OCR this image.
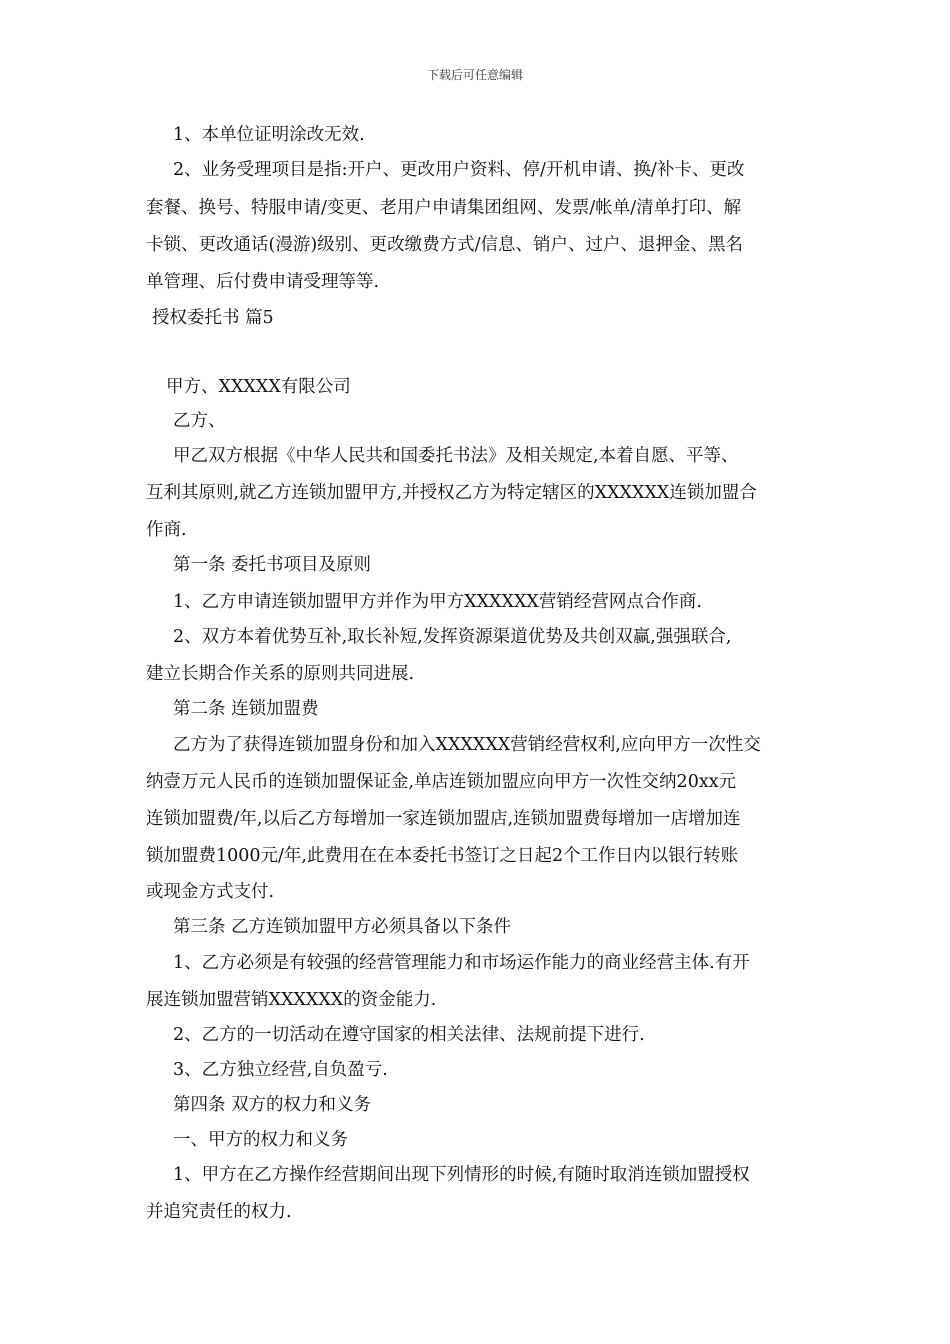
下载后可任意编辑
1、本单位证明涂改无效.
2、业务受理项目是指:开户、更改用户资料、停/开机申请、换/补卡、更改
套餐、换号、特服申请/变更、老用户申请集团组网、发票/帐单/清单打印、解
卡锁、更改通话(漫游)级别、更改缴费方式/信息、销户、过户、退押金、黑名
单管理、后付费申请受理等等.
授权委托书 篇5
甲方、XXXXX有限公司
乙方、
甲乙双方根据《中华人民共和国委托书法》及相关规定,本着自愿、平等、
互利其原则,就乙方连锁加盟甲方,并授权乙方为特定辖区的XXXXXX连锁加盟合
作商.
第一条 委托书项目及原则
1、乙方申请连锁加盟甲方并作为甲方XXXXXX营销经营网点合作商.
2、双方本着优势互补,取长补短,发挥资源渠道优势及共创双赢,强强联合,
建立长期合作关系的原则共同进展.
第二条 连锁加盟费
乙方为了获得连锁加盟身份和加入XXXXXX营销经营权利,应向甲方一次性交
纳壹万元人民币的连锁加盟保证金,单店连锁加盟应向甲方一次性交纳20xx元
连锁加盟费/年,以后乙方每增加一家连锁加盟店,连锁加盟费每增加一店增加连
锁加盟费1000元/年,此费用在在本委托书签订之日起2个工作日内以银行转账
或现金方式支付.
第三条 乙方连锁加盟甲方必须具备以下条件
1、乙方必须是有较强的经营管理能力和市场运作能力的商业经营主体.有开
展连锁加盟营销XXXXXX的资金能力.
2、乙方的一切活动在遵守国家的相关法律、法规前提下进行.
3、乙方独立经营,自负盈亏.
第四条 双方的权力和义务
一、甲方的权力和义务
1、甲方在乙方操作经营期间出现下列情形的时候,有随时取消连锁加盟授权
并追究责任的权力.
